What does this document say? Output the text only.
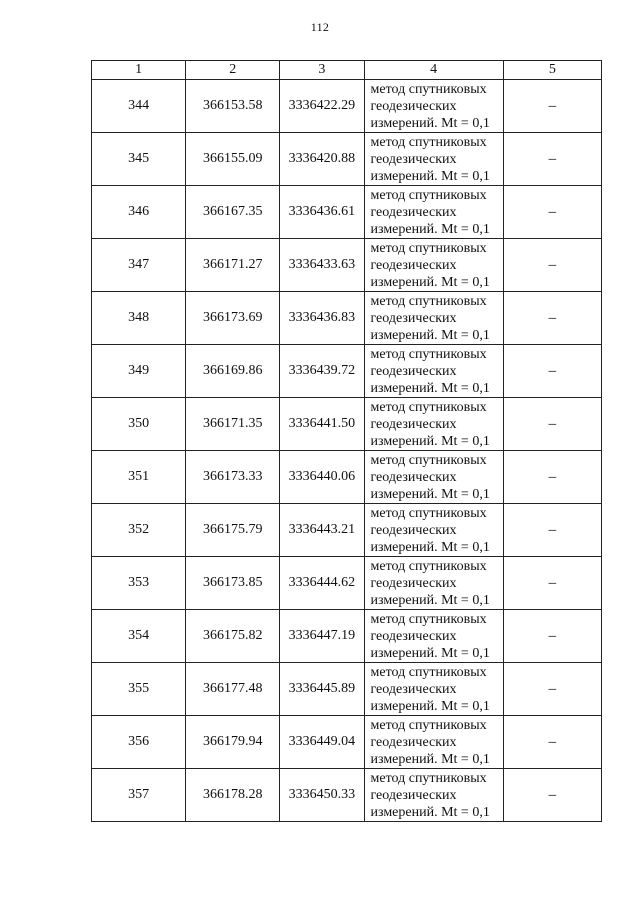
112
1	2	3	4	5
344	366153.58	3336422.29	метод спутниковых
геодезических
измерений. Mt = 0,1	–
345	366155.09	3336420.88	метод спутниковых
геодезических
измерений. Mt = 0,1	–
346	366167.35	3336436.61	метод спутниковых
геодезических
измерений. Mt = 0,1	–
347	366171.27	3336433.63	метод спутниковых
геодезических
измерений. Mt = 0,1	–
348	366173.69	3336436.83	метод спутниковых
геодезических
измерений. Mt = 0,1	–
349	366169.86	3336439.72	метод спутниковых
геодезических
измерений. Mt = 0,1	–
350	366171.35	3336441.50	метод спутниковых
геодезических
измерений. Mt = 0,1	–
351	366173.33	3336440.06	метод спутниковых
геодезических
измерений. Mt = 0,1	–
352	366175.79	3336443.21	метод спутниковых
геодезических
измерений. Mt = 0,1	–
353	366173.85	3336444.62	метод спутниковых
геодезических
измерений. Mt = 0,1	–
354	366175.82	3336447.19	метод спутниковых
геодезических
измерений. Mt = 0,1	–
355	366177.48	3336445.89	метод спутниковых
геодезических
измерений. Mt = 0,1	–
356	366179.94	3336449.04	метод спутниковых
геодезических
измерений. Mt = 0,1	–
357	366178.28	3336450.33	метод спутниковых
геодезических
измерений. Mt = 0,1	–
